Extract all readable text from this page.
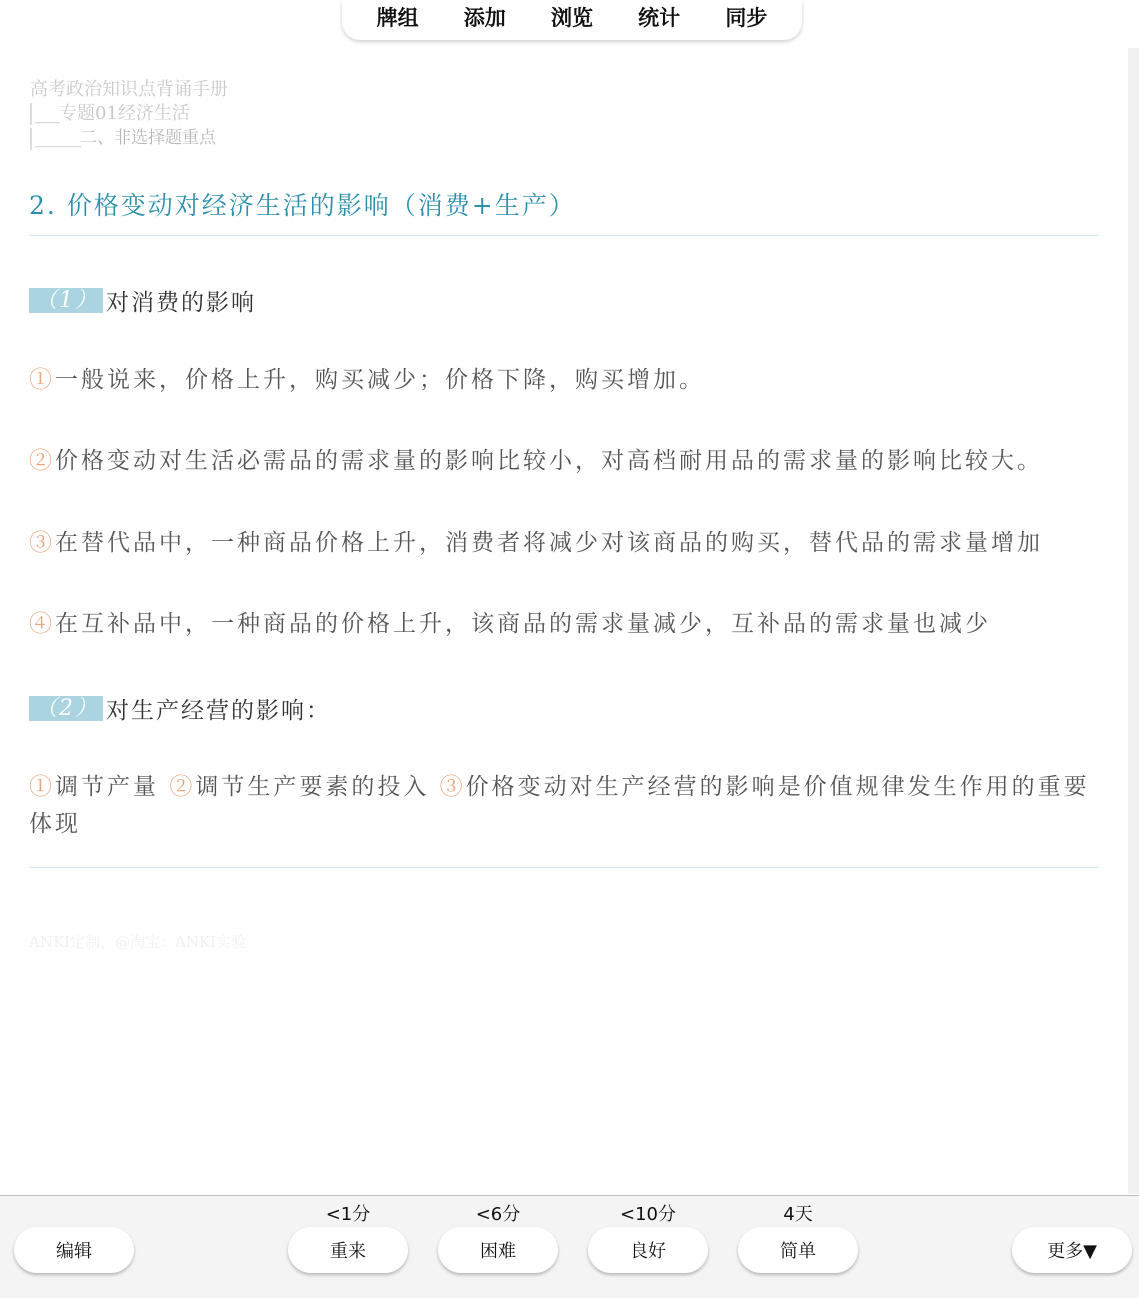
牌组 添加 浏览 统计 同步
高考政治知识点背诵手册
___专题01经济生活
______二、非选择题重点
2. 价格变动对经济生活的影响（消费+生产）
（1） 对消费的影响
①一般说来，价格上升，购买减少；价格下降，购买增加。
②价格变动对生活必需品的需求量的影响比较小，对高档耐用品的需求量的影响比较大。
③在替代品中，一种商品价格上升，消费者将减少对该商品的购买，替代品的需求量增加
④在互补品中，一种商品的价格上升，该商品的需求量减少，互补品的需求量也减少
（2） 对生产经营的影响：
①调节产量 ②调节生产要素的投入 ③价格变动对生产经营的影响是价值规律发生作用的重要体现
ANKI定制，@淘宝：ANKI实验
编辑
<1分
重来
<6分
困难
<10分
良好
4天
简单	更多▼
